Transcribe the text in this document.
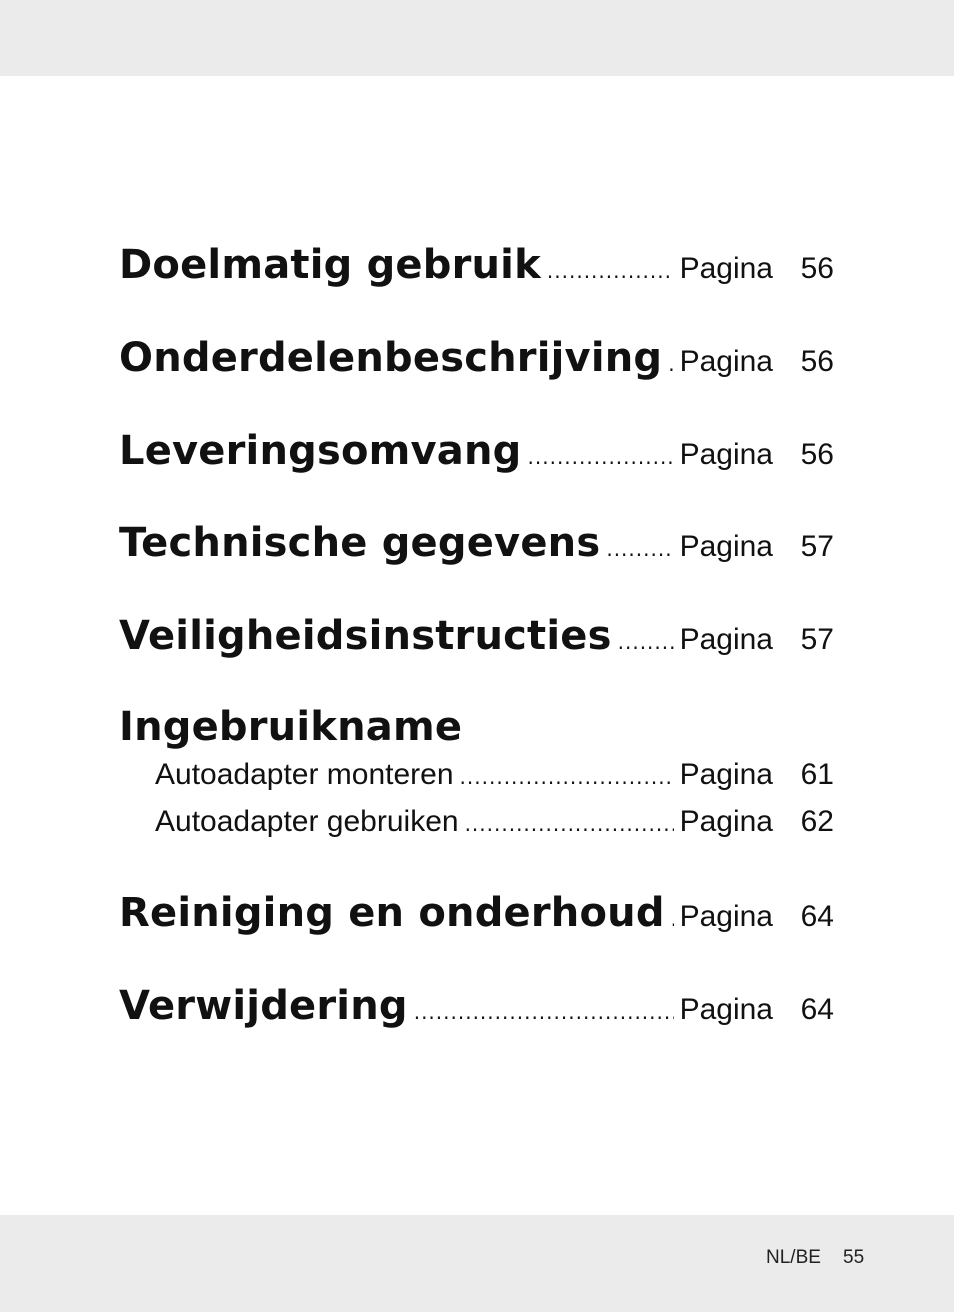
Doelmatig gebruik .....	Pagina 56
Onderdelenbeschrijving ..... Pagina 56
Leveringsomvang .....	Pagina 56
Technische gegevens .....	Pagina 57
Veiligheidsinstructies ..... Pagina 57
Ingebruikname
Autoadapter monteren .....	Pagina 61
Autoadapter gebruiken .....	Pagina 62
Reiniging en onderhoud ..... Pagina 64
Verwijdering .....	Pagina 64
NL/BE 55
